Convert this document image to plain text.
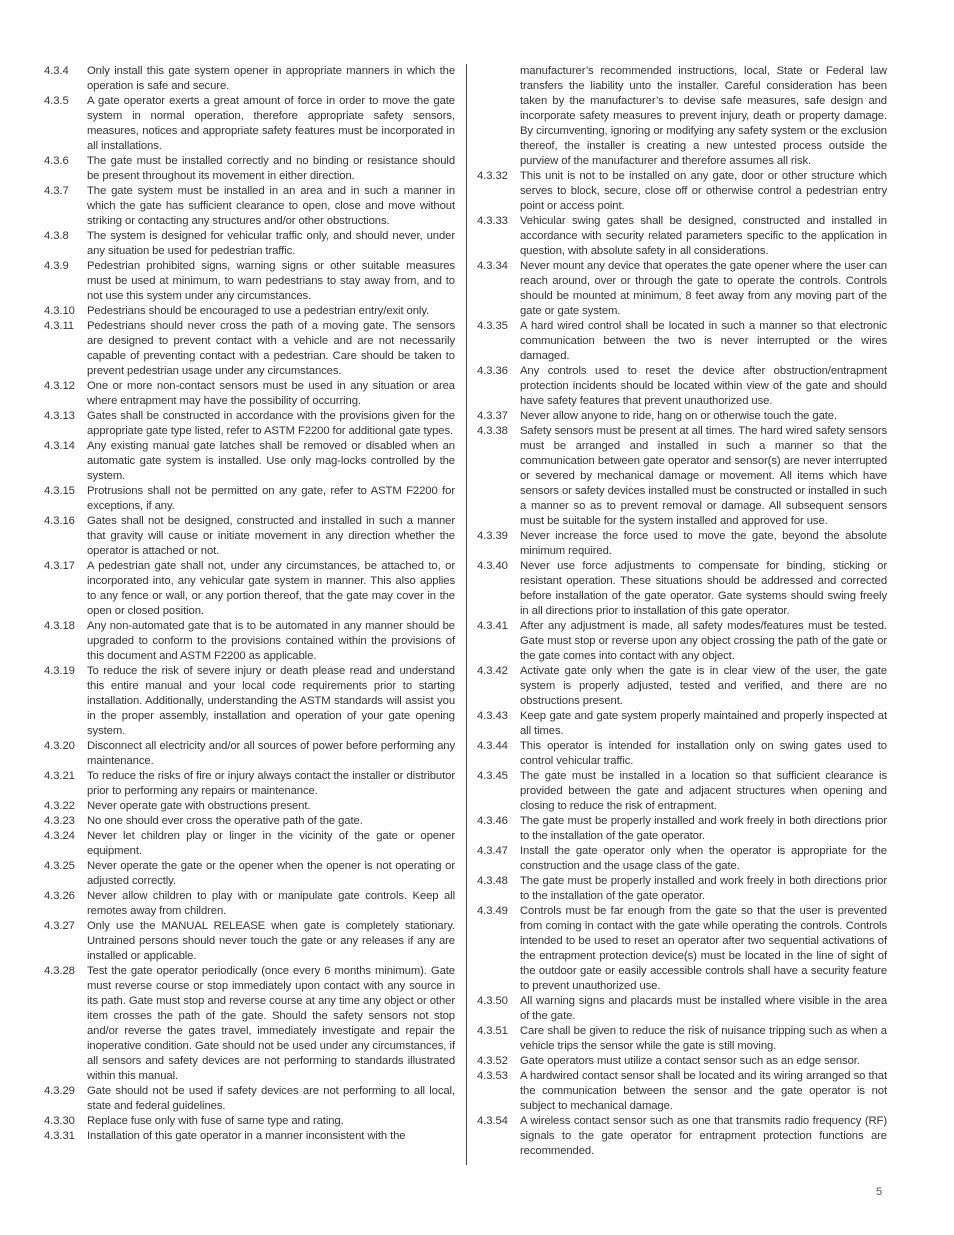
4.3.4	Only install this gate system opener in appropriate manners in which the operation is safe and secure.
4.3.5	A gate operator exerts a great amount of force in order to move the gate system in normal operation, therefore appropriate safety sensors, measures, notices and appropriate safety features must be incorporated in all installations.
4.3.6	The gate must be installed correctly and no binding or resistance should be present throughout its movement in either direction.
4.3.7	The gate system must be installed in an area and in such a manner in which the gate has sufficient clearance to open, close and move without striking or contacting any structures and/or other obstructions.
4.3.8	The system is designed for vehicular traffic only, and should never, under any situation be used for pedestrian traffic.
4.3.9	Pedestrian prohibited signs, warning signs or other suitable measures must be used at minimum, to warn pedestrians to stay away from, and to not use this system under any circumstances.
4.3.10	Pedestrians should be encouraged to use a pedestrian entry/exit only.
4.3.11	Pedestrians should never cross the path of a moving gate. The sensors are designed to prevent contact with a vehicle and are not necessarily capable of preventing contact with a pedestrian. Care should be taken to prevent pedestrian usage under any circumstances.
4.3.12	One or more non-contact sensors must be used in any situation or area where entrapment may have the possibility of occurring.
4.3.13	Gates shall be constructed in accordance with the provisions given for the appropriate gate type listed, refer to ASTM F2200 for additional gate types.
4.3.14	Any existing manual gate latches shall be removed or disabled when an automatic gate system is installed. Use only mag-locks controlled by the system.
4.3.15	Protrusions shall not be permitted on any gate, refer to ASTM F2200 for exceptions, if any.
4.3.16	Gates shall not be designed, constructed and installed in such a manner that gravity will cause or initiate movement in any direction whether the operator is attached or not.
4.3.17	A pedestrian gate shall not, under any circumstances, be attached to, or incorporated into, any vehicular gate system in manner. This also applies to any fence or wall, or any portion thereof, that the gate may cover in the open or closed position.
4.3.18	Any non-automated gate that is to be automated in any manner should be upgraded to conform to the provisions contained within the provisions of this document and ASTM F2200 as applicable.
4.3.19	To reduce the risk of severe injury or death please read and understand this entire manual and your local code requirements prior to starting installation. Additionally, understanding the ASTM standards will assist you in the proper assembly, installation and operation of your gate opening system.
4.3.20	Disconnect all electricity and/or all sources of power before performing any maintenance.
4.3.21	To reduce the risks of fire or injury always contact the installer or distributor prior to performing any repairs or maintenance.
4.3.22	Never operate gate with obstructions present.
4.3.23	No one should ever cross the operative path of the gate.
4.3.24	Never let children play or linger in the vicinity of the gate or opener equipment.
4.3.25	Never operate the gate or the opener when the opener is not operating or adjusted correctly.
4.3.26	Never allow children to play with or manipulate gate controls. Keep all remotes away from children.
4.3.27	Only use the MANUAL RELEASE when gate is completely stationary. Untrained persons should never touch the gate or any releases if any are installed or applicable.
4.3.28	Test the gate operator periodically (once every 6 months minimum). Gate must reverse course or stop immediately upon contact with any source in its path. Gate must stop and reverse course at any time any object or other item crosses the path of the gate. Should the safety sensors not stop and/or reverse the gates travel, immediately investigate and repair the inoperative condition. Gate should not be used under any circumstances, if all sensors and safety devices are not performing to standards illustrated within this manual.
4.3.29	Gate should not be used if safety devices are not performing to all local, state and federal guidelines.
4.3.30	Replace fuse only with fuse of same type and rating.
4.3.31	Installation of this gate operator in a manner inconsistent with the
manufacturer’s recommended instructions, local, State or Federal law transfers the liability unto the installer. Careful consideration has been taken by the manufacturer’s to devise safe measures, safe design and incorporate safety measures to prevent injury, death or property damage. By circumventing, ignoring or modifying any safety system or the exclusion thereof, the installer is creating a new untested process outside the purview of the manufacturer and therefore assumes all risk.
4.3.32	This unit is not to be installed on any gate, door or other structure which serves to block, secure, close off or otherwise control a pedestrian entry point or access point.
4.3.33	Vehicular swing gates shall be designed, constructed and installed in accordance with security related parameters specific to the application in question, with absolute safety in all considerations.
4.3.34	Never mount any device that operates the gate opener where the user can reach around, over or through the gate to operate the controls. Controls should be mounted at minimum, 8 feet away from any moving part of the gate or gate system.
4.3.35	A hard wired control shall be located in such a manner so that electronic communication between the two is never interrupted or the wires damaged.
4.3.36	Any controls used to reset the device after obstruction/entrapment protection incidents should be located within view of the gate and should have safety features that prevent unauthorized use.
4.3.37	Never allow anyone to ride, hang on or otherwise touch the gate.
4.3.38	Safety sensors must be present at all times. The hard wired safety sensors must be arranged and installed in such a manner so that the communication between gate operator and sensor(s) are never interrupted or severed by mechanical damage or movement. All items which have sensors or safety devices installed must be constructed or installed in such a manner so as to prevent removal or damage. All subsequent sensors must be suitable for the system installed and approved for use.
4.3.39	Never increase the force used to move the gate, beyond the absolute minimum required.
4.3.40	Never use force adjustments to compensate for binding, sticking or resistant operation. These situations should be addressed and corrected before installation of the gate operator. Gate systems should swing freely in all directions prior to installation of this gate operator.
4.3.41	After any adjustment is made, all safety modes/features must be tested. Gate must stop or reverse upon any object crossing the path of the gate or the gate comes into contact with any object.
4.3.42	Activate gate only when the gate is in clear view of the user, the gate system is properly adjusted, tested and verified, and there are no obstructions present.
4.3.43	Keep gate and gate system properly maintained and properly inspected at all times.
4.3.44	This operator is intended for installation only on swing gates used to control vehicular traffic.
4.3.45	The gate must be installed in a location so that sufficient clearance is provided between the gate and adjacent structures when opening and closing to reduce the risk of entrapment.
4.3.46	The gate must be properly installed and work freely in both directions prior to the installation of the gate operator.
4.3.47	Install the gate operator only when the operator is appropriate for the construction and the usage class of the gate.
4.3.48	The gate must be properly installed and work freely in both directions prior to the installation of the gate operator.
4.3.49	Controls must be far enough from the gate so that the user is prevented from coming in contact with the gate while operating the controls. Controls intended to be used to reset an operator after two sequential activations of the entrapment protection device(s) must be located in the line of sight of the outdoor gate or easily accessible controls shall have a security feature to prevent unauthorized use.
4.3.50	All warning signs and placards must be installed where visible in the area of the gate.
4.3.51	Care shall be given to reduce the risk of nuisance tripping such as when a vehicle trips the sensor while the gate is still moving.
4.3.52	Gate operators must utilize a contact sensor such as an edge sensor.
4.3.53	A hardwired contact sensor shall be located and its wiring arranged so that the communication between the sensor and the gate operator is not subject to mechanical damage.
4.3.54	A wireless contact sensor such as one that transmits radio frequency (RF) signals to the gate operator for entrapment protection functions are recommended.
5
